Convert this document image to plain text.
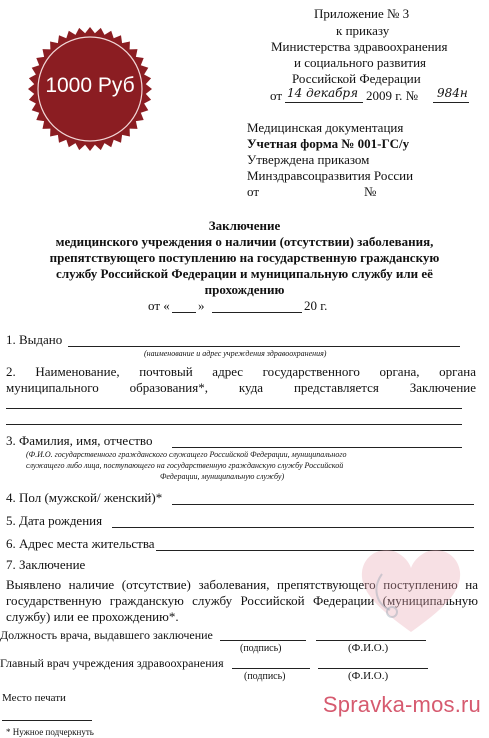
1000 Руб
Приложение № 3
к приказу
Министерства здравоохранения
и социального развития
Российской Федерации
от 14 декабря 2009 г. № 984н
Медицинская документация
Учетная форма № 001-ГС/у
Утверждена приказом
Минздравсоцразвития России
от	№
Заключение
медицинского учреждения о наличии (отсутствии) заболевания,
препятствующего поступлению на государственную гражданскую
службу Российской Федерации и муниципальную службу или её
прохождению
от « »	20 г.
1. Выдано
(наименование и адрес учреждения здравоохранения)
2. Наименование, почтовый адрес государственного органа, органа
муниципального образования*, куда представляется Заключение
3. Фамилия, имя, отчество
(Ф.И.О. государственного гражданского служащего Российской Федерации, муниципального
служащего либо лица, поступающего на государственную гражданскую службу Российской
Федерации, муниципальную службу)
4. Пол (мужской/ женский)*
5. Дата рождения
6. Адрес места жительства
7. Заключение
Выявлено наличие (отсутствие) заболевания, препятствующего поступлению на
государственную гражданскую службу Российской Федерации (муниципальную
службу) или ее прохождению*.
Должность врача, выдавшего заключение
(подпись)	(Ф.И.О.)
Главный врач учреждения здравоохранения
(подпись)	(Ф.И.О.)
Место печати
* Нужное подчеркнуть
Spravka-mos.ru
